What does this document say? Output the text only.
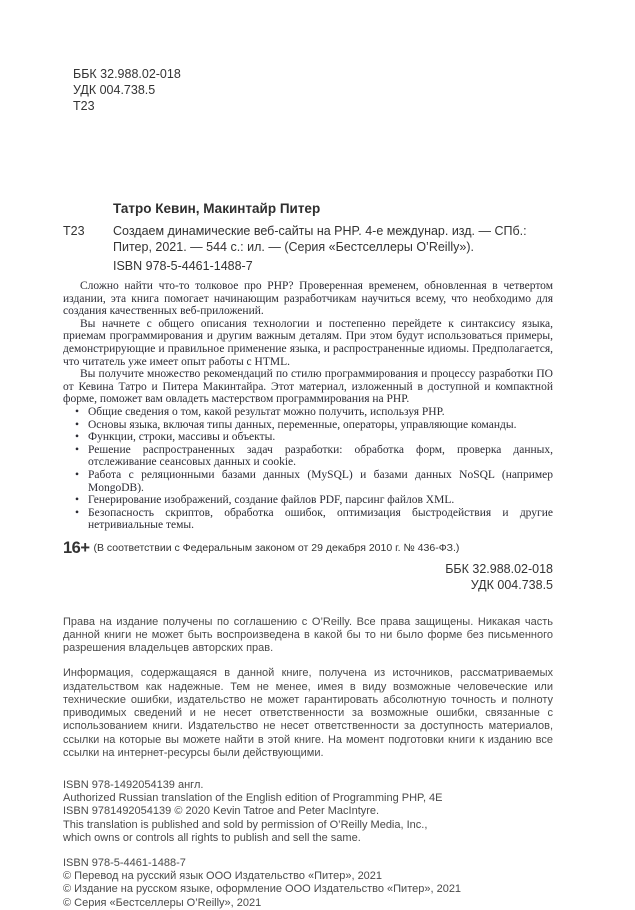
ББК 32.988.02-018
УДК 004.738.5
Т23
Татро Кевин, Макинтайр Питер
Т23	Создаем динамические веб-сайты на PHP. 4-е междунар. изд. — СПб.: Питер, 2021. — 544 с.: ил. — (Серия «Бестселлеры O’Reilly»).

ISBN 978-5-4461-1488-7

Сложно найти что-то толковое про PHP? Проверенная временем, обновленная в четвертом издании, эта книга помогает начинающим разработчикам научиться всему, что необходимо для создания качественных веб-приложений.

Вы начнете с общего описания технологии и постепенно перейдете к синтаксису языка, приемам программирования и другим важным деталям. При этом будут использоваться примеры, демонстрирующие и правильное применение языка, и распространенные идиомы. Предполагается, что читатель уже имеет опыт работы с HTML.

Вы получите множество рекомендаций по стилю программирования и процессу разработки ПО от Кевина Татро и Питера Макинтайра. Этот материал, изложенный в доступной и компактной форме, поможет вам овладеть мастерством программирования на PHP.

• Общие сведения о том, какой результат можно получить, используя PHP.
• Основы языка, включая типы данных, переменные, операторы, управляющие команды.
• Функции, строки, массивы и объекты.
• Решение распространенных задач разработки: обработка форм, проверка данных, отслеживание сеансовых данных и cookie.
• Работа с реляционными базами данных (MySQL) и базами данных NoSQL (например MongoDB).
• Генерирование изображений, создание файлов PDF, парсинг файлов XML.
• Безопасность скриптов, обработка ошибок, оптимизация быстродействия и другие нетривиальные темы.
16+ (В соответствии с Федеральным законом от 29 декабря 2010 г. № 436-ФЗ.)
ББК 32.988.02-018
УДК 004.738.5

Права на издание получены по соглашению с O’Reilly. Все права защищены. Никакая часть данной книги не может быть воспроизведена в какой бы то ни было форме без письменного разрешения владельцев авторских прав.

Информация, содержащаяся в данной книге, получена из источников, рассматриваемых издательством как надежные. Тем не менее, имея в виду возможные человеческие или технические ошибки, издательство не может гарантировать абсолютную точность и полноту приводимых сведений и не несет ответственности за возможные ошибки, связанные с использованием книги. Издательство не несет ответственности за доступность материалов, ссылки на которые вы можете найти в этой книге. На момент подготовки книги к изданию все ссылки на интернет-ресурсы были действующими.

ISBN 978-1492054139 англ.
Authorized Russian translation of the English edition of Programming PHP, 4E
ISBN 9781492054139 © 2020 Kevin Tatroe and Peter MacIntyre.
This translation is published and sold by permission of O’Reilly Media, Inc.,
which owns or controls all rights to publish and sell the same.
ISBN 978-5-4461-1488-7
© Перевод на русский язык ООО Издательство «Питер», 2021
© Издание на русском языке, оформление ООО Издательство «Питер», 2021
© Серия «Бестселлеры O’Reilly», 2021
